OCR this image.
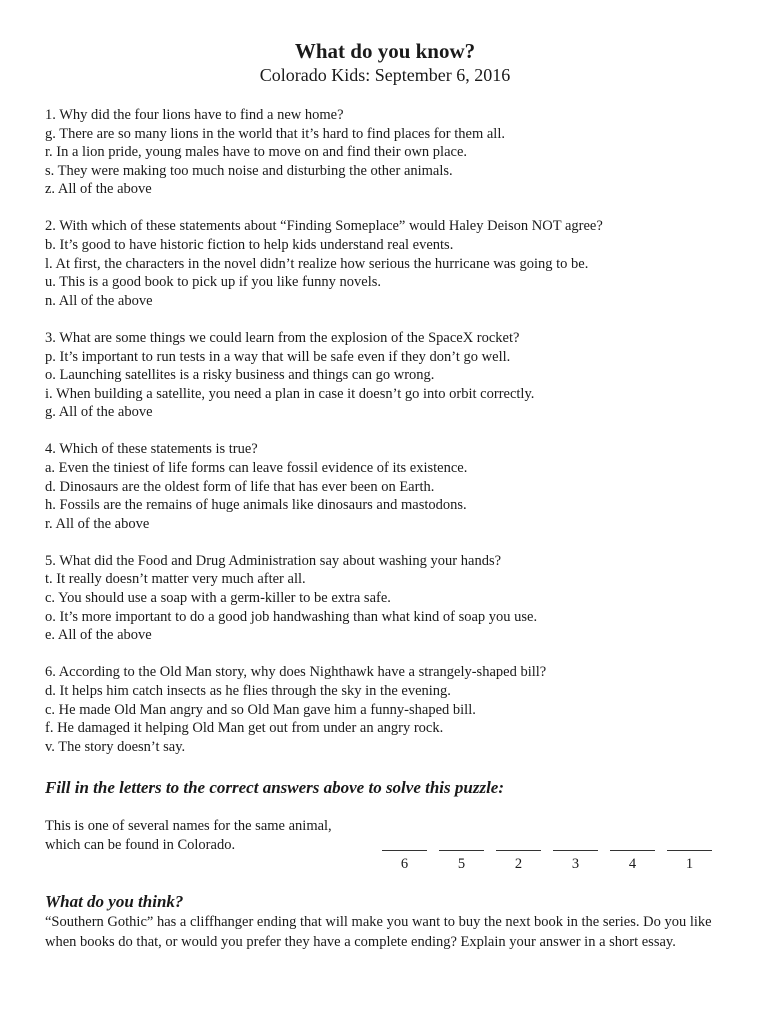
What do you know?
Colorado Kids: September 6, 2016
1. Why did the four lions have to find a new home?
g. There are so many lions in the world that it’s hard to find places for them all.
r. In a lion pride, young males have to move on and find their own place.
s. They were making too much noise and disturbing the other animals.
z. All of the above
2. With which of these statements about “Finding Someplace” would Haley Deison NOT agree?
b. It’s good to have historic fiction to help kids understand real events.
l. At first, the characters in the novel didn’t realize how serious the hurricane was going to be.
u. This is a good book to pick up if you like funny novels.
n. All of the above
3. What are some things we could learn from the explosion of the SpaceX rocket?
p. It’s important to run tests in a way that will be safe even if they don’t go well.
o. Launching satellites is a risky business and things can go wrong.
i. When building a satellite, you need a plan in case it doesn’t go into orbit correctly.
g. All of the above
4. Which of these statements is true?
a. Even the tiniest of life forms can leave fossil evidence of its existence.
d. Dinosaurs are the oldest form of life that has ever been on Earth.
h. Fossils are the remains of huge animals like dinosaurs and mastodons.
r. All of the above
5. What did the Food and Drug Administration say about washing your hands?
t. It really doesn’t matter very much after all.
c. You should use a soap with a germ-killer to be extra safe.
o. It’s more important to do a good job handwashing than what kind of soap you use.
e. All of the above
6. According to the Old Man story, why does Nighthawk have a strangely-shaped bill?
d. It helps him catch insects as he flies through the sky in the evening.
c. He made Old Man angry and so Old Man gave him a funny-shaped bill.
f. He damaged it helping Old Man get out from under an angry rock.
v. The story doesn’t say.
Fill in the letters to the correct answers above to solve this puzzle:
This is one of several names for the same animal,
which can be found in Colorado.
6	5	2	3	4	1
What do you think?
“Southern Gothic” has a cliffhanger ending that will make you want to buy the next book in the series. Do you like when books do that, or would you prefer they have a complete ending? Explain your answer in a short essay.
